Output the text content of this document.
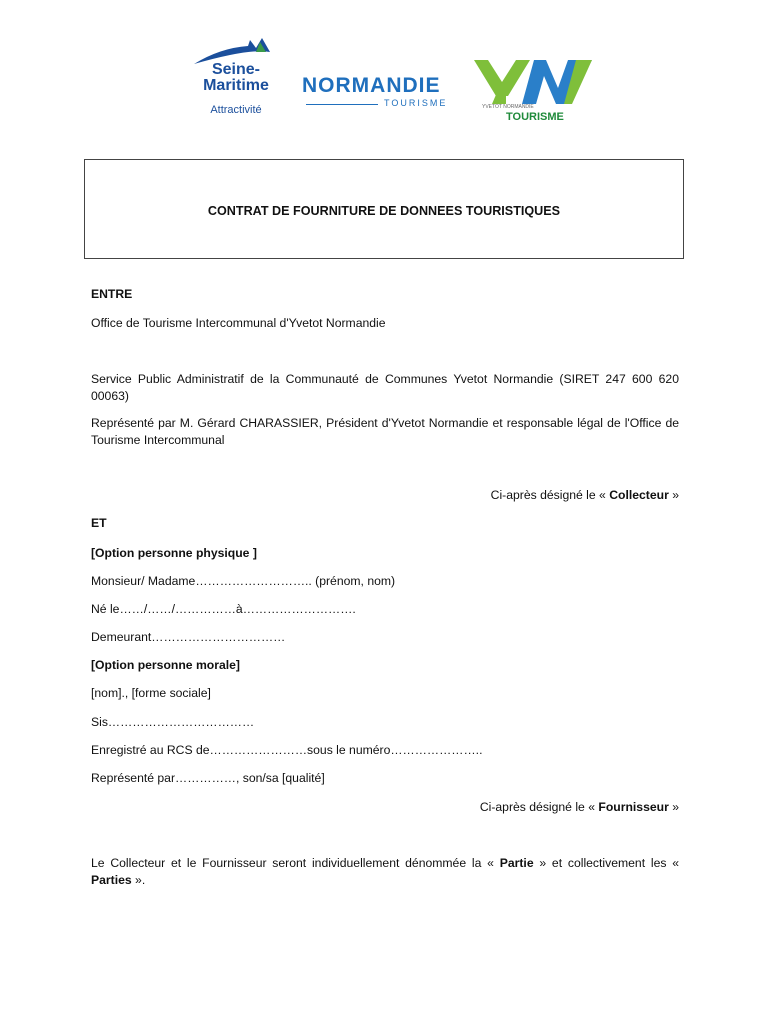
Seine-
Maritime
Attractivité
NORMANDIE
TOURISME	YVETOT NORMANDIE
TOURISME
CONTRAT DE FOURNITURE DE DONNEES TOURISTIQUES

ENTRE

Office de Tourisme Intercommunal d'Yvetot Normandie

Service Public Administratif de la Communauté de Communes Yvetot Normandie (SIRET 247 600 620 00063)

Représenté par M. Gérard CHARASSIER, Président d'Yvetot Normandie et responsable légal de l'Office de Tourisme Intercommunal

Ci-après désigné le « Collecteur »

ET

[Option personne physique ]

Monsieur/ Madame……………………….. (prénom, nom)

Né le……/……/……………à……………………….

Demeurant……………………………

[Option personne morale]

[nom]., [forme sociale]

Sis………………………………

Enregistré au RCS de……………………sous le numéro…………………..

Représenté par……………, son/sa [qualité]

Ci-après désigné le « Fournisseur »

Le Collecteur et le Fournisseur seront individuellement dénommée la « Partie » et collectivement les « Parties ».
